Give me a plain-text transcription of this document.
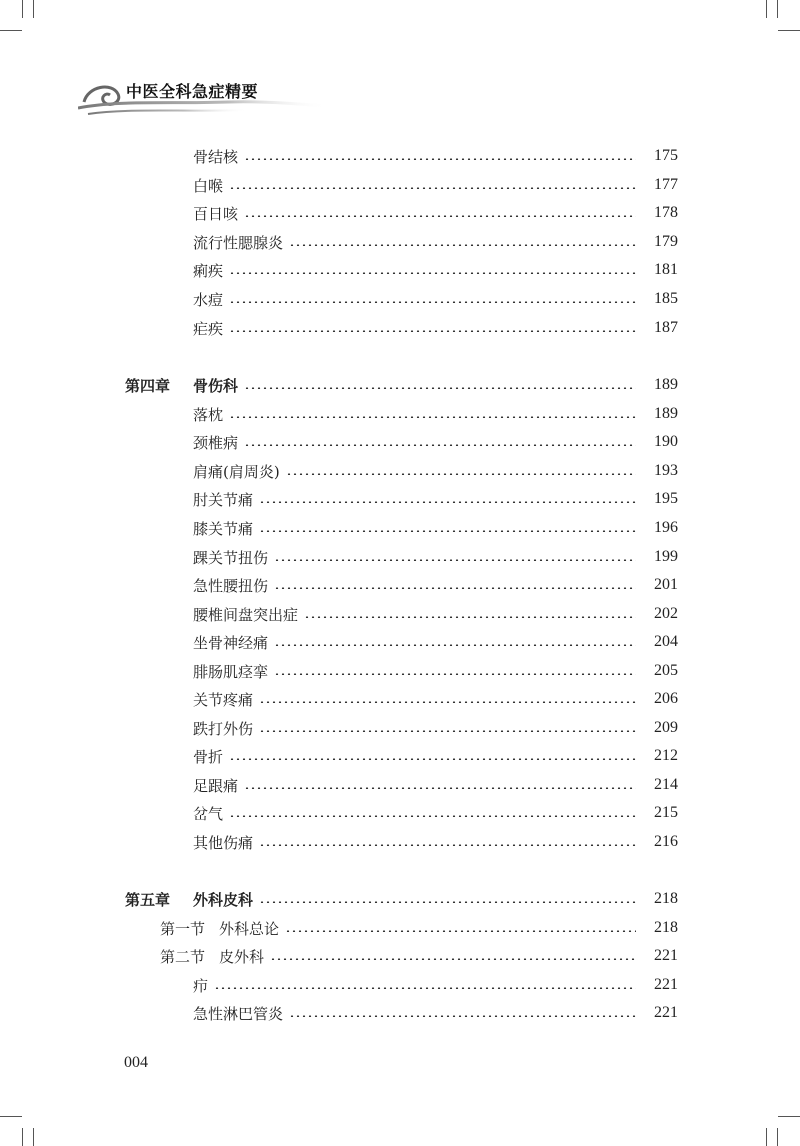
中医全科急症精要
骨结核	175
白喉	177
百日咳	178
流行性腮腺炎	179
痢疾	181
水痘	185
疟疾	187
第四章	骨伤科	189
落枕	189
颈椎病	190
肩痛(肩周炎)	193
肘关节痛	195
膝关节痛	196
踝关节扭伤	199
急性腰扭伤	201
腰椎间盘突出症	202
坐骨神经痛	204
腓肠肌痉挛	205
关节疼痛	206
跌打外伤	209
骨折	212
足跟痛	214
岔气	215
其他伤痛	216
第五章	外科皮科	218
第一节 外科总论	218
第二节 皮外科	221
疖	221
急性淋巴管炎	221
004
